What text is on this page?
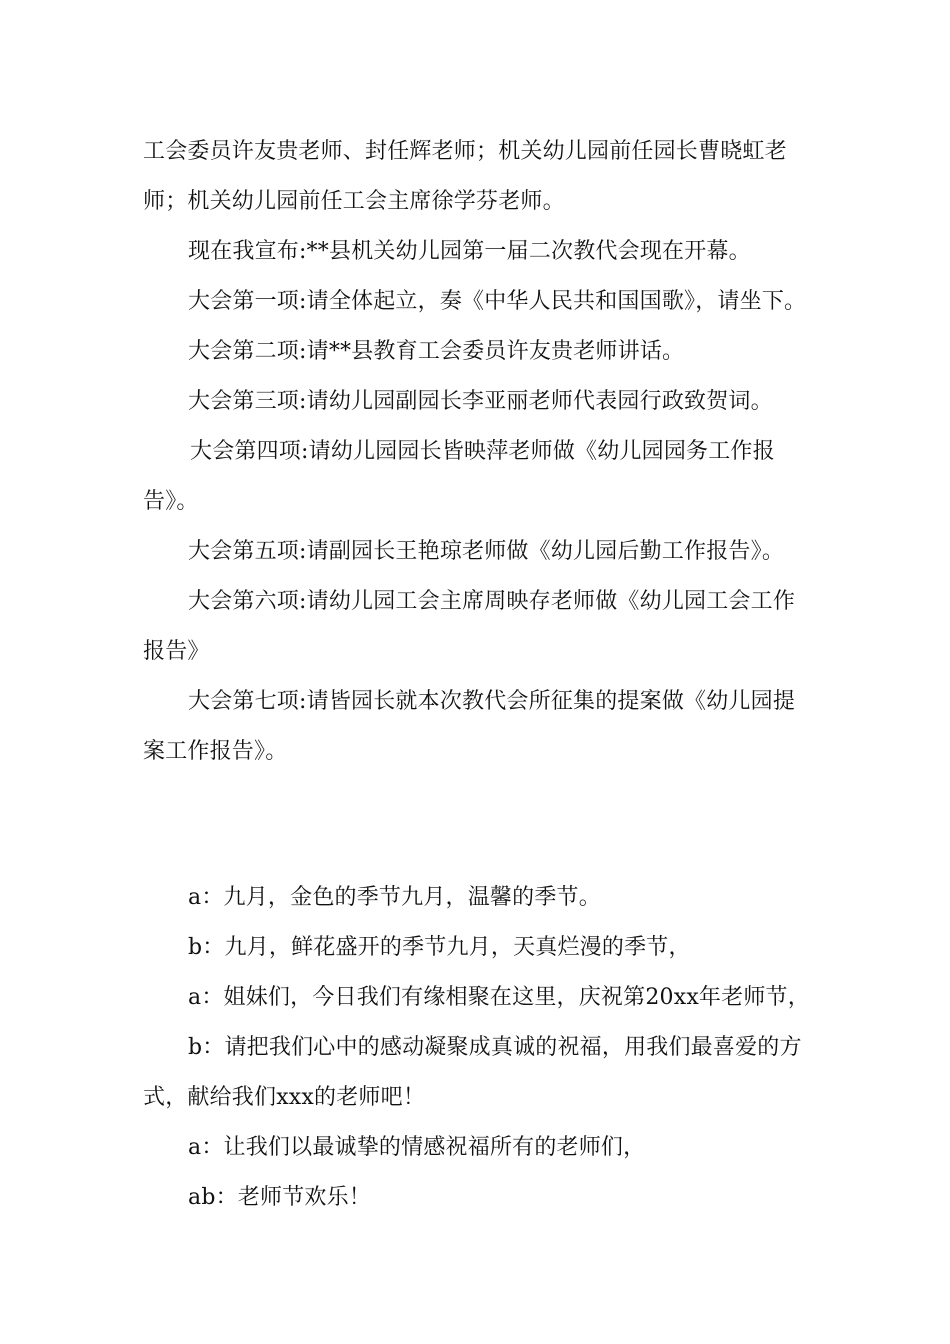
工会委员许友贵老师、封任辉老师；机关幼儿园前任园长曹晓虹老师；机关幼儿园前任工会主席徐学芬老师。

现在我宣布:**县机关幼儿园第一届二次教代会现在开幕。

大会第一项:请全体起立，奏《中华人民共和国国歌》，请坐下。

大会第二项:请**县教育工会委员许友贵老师讲话。

大会第三项:请幼儿园副园长李亚丽老师代表园行政致贺词。

大会第四项:请幼儿园园长皆映萍老师做《幼儿园园务工作报告》。

大会第五项:请副园长王艳琼老师做《幼儿园后勤工作报告》。

大会第六项:请幼儿园工会主席周映存老师做《幼儿园工会工作报告》

大会第七项:请皆园长就本次教代会所征集的提案做《幼儿园提案工作报告》。

a：九月，金色的季节九月，温馨的季节。

b：九月，鲜花盛开的季节九月，天真烂漫的季节，

a：姐妹们，今日我们有缘相聚在这里，庆祝第20xx年老师节，

b：请把我们心中的感动凝聚成真诚的祝福，用我们最喜爱的方式，献给我们xxx的老师吧！

a：让我们以最诚挚的情感祝福所有的老师们，

ab：老师节欢乐！
